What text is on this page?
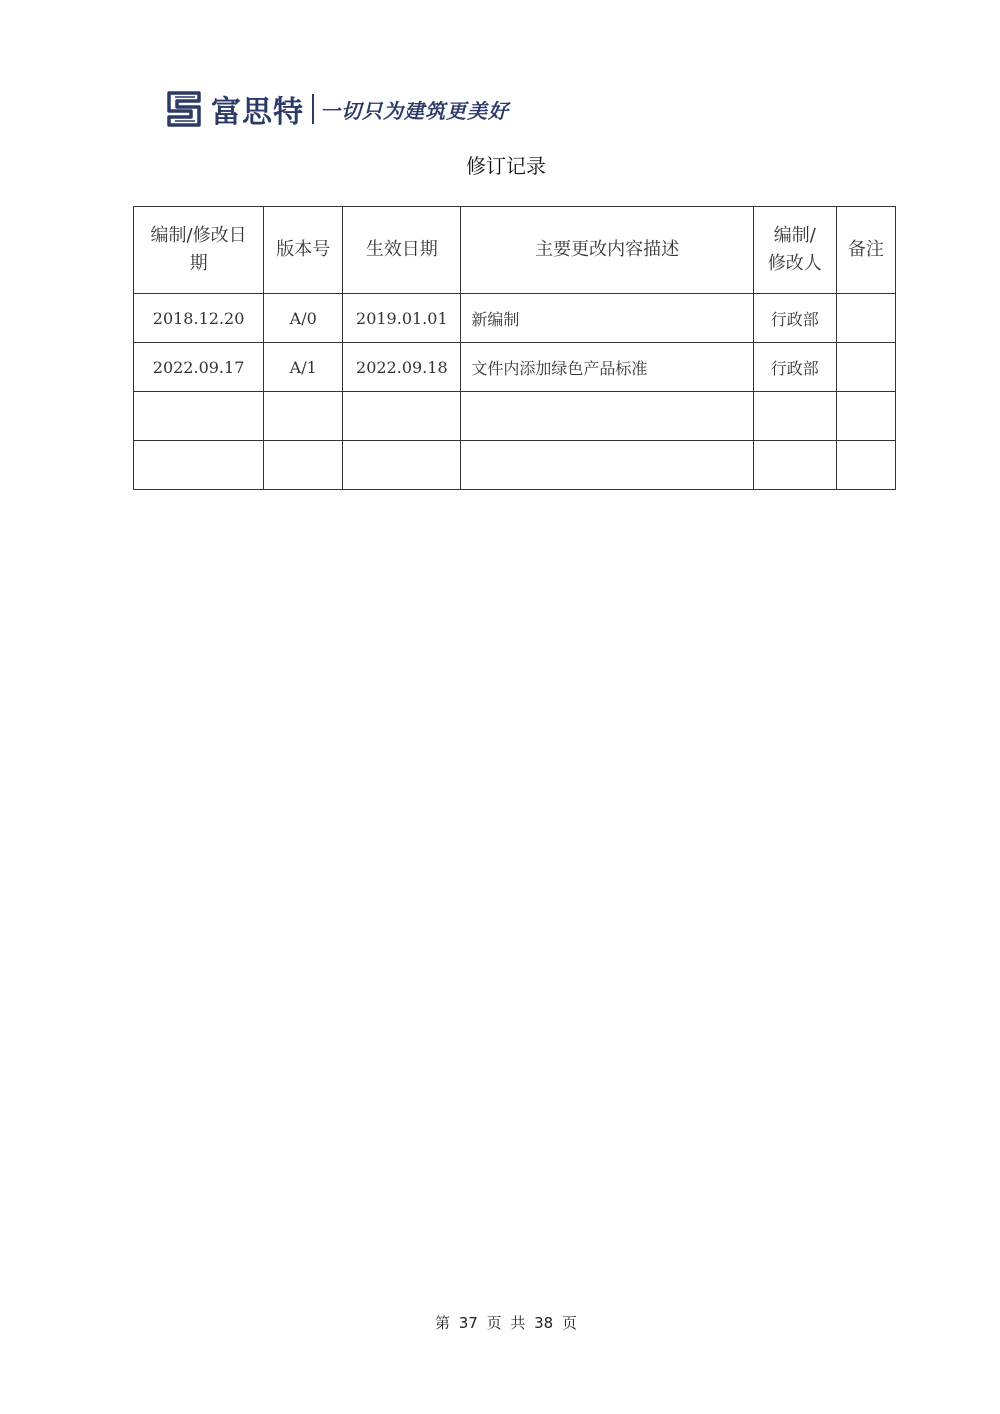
富思特 一切只为建筑更美好
修订记录
编制/修改日期	版本号	生效日期	主要更改内容描述	编制/修改人	备注
2018.12.20	A/0	2019.01.01	新编制	行政部	
2022.09.17	A/1	2022.09.18	文件内添加绿色产品标准	行政部	

第 37 页 共 38 页
